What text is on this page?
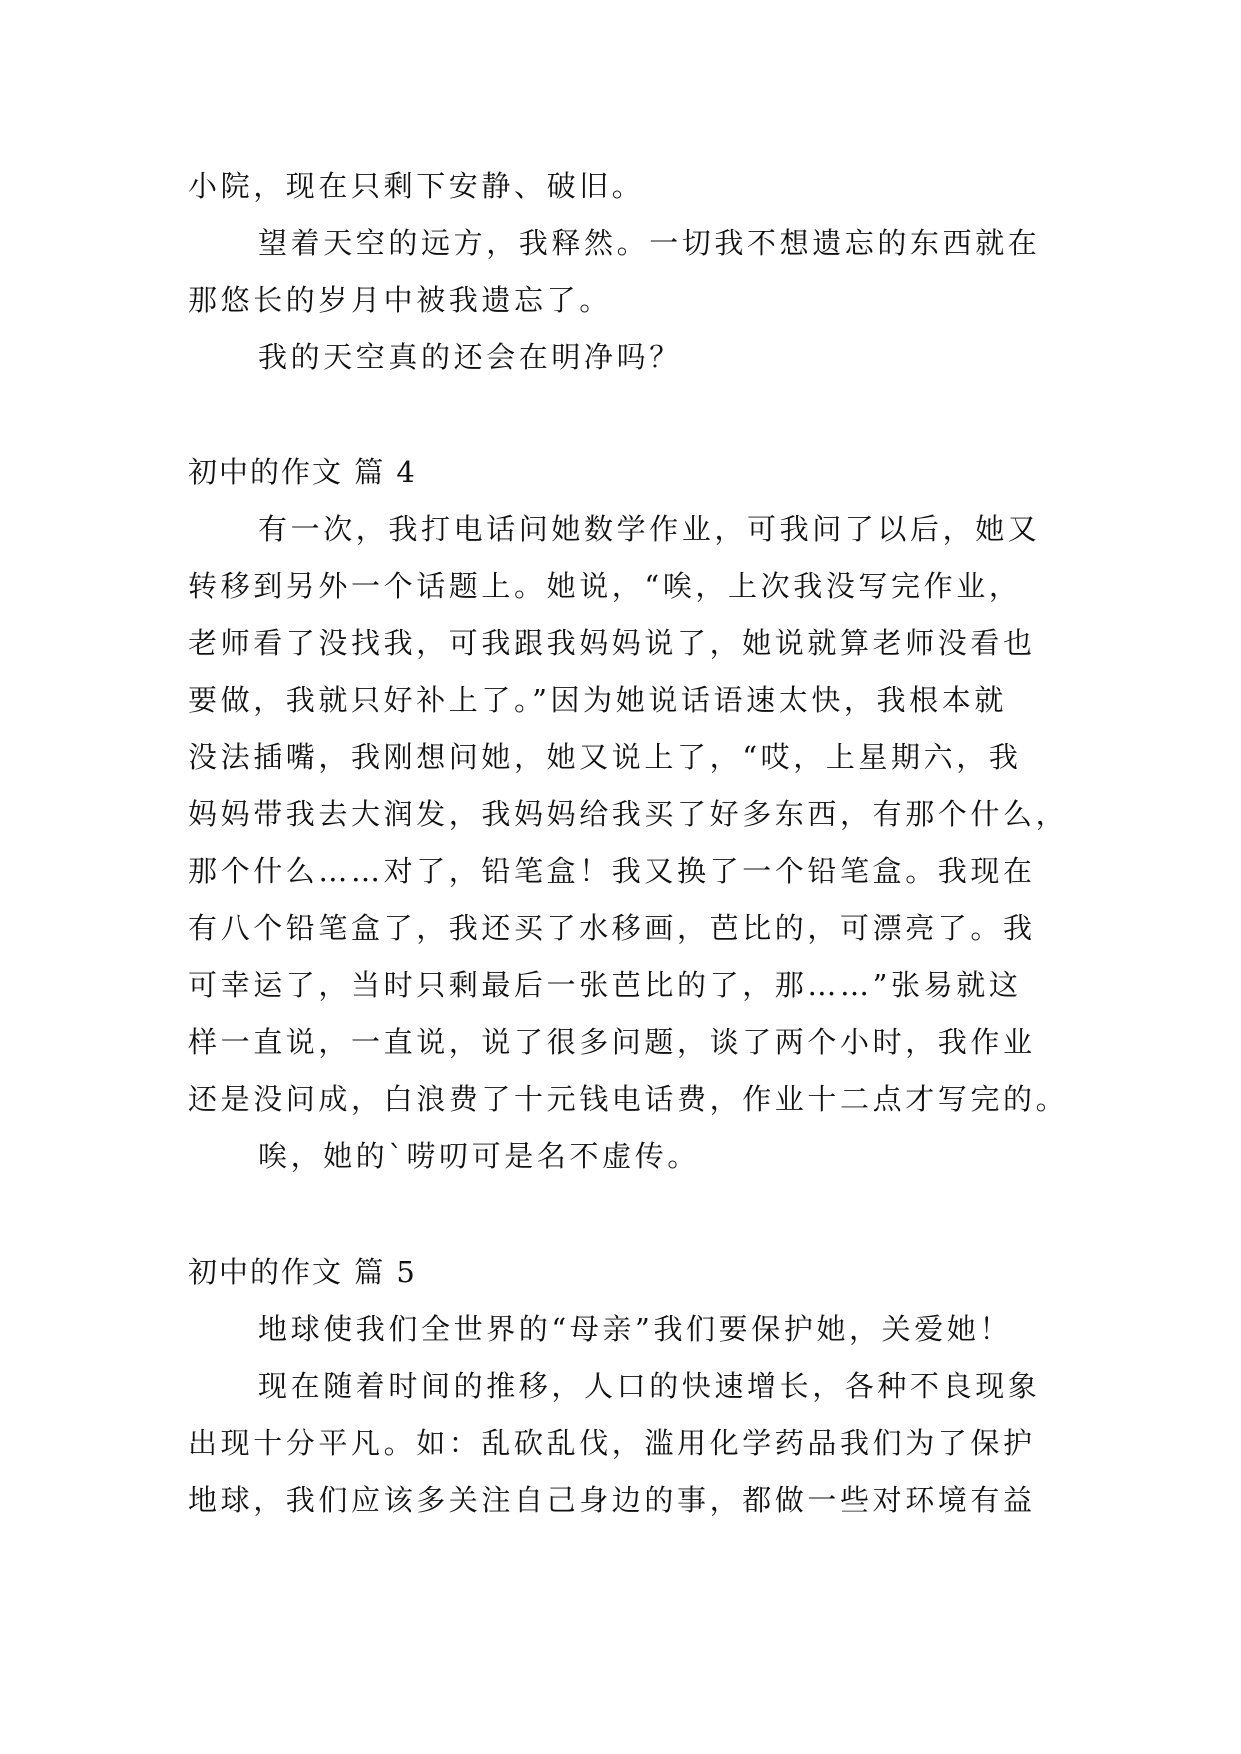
小院，现在只剩下安静、破旧。
望着天空的远方，我释然。一切我不想遗忘的东西就在
那悠长的岁月中被我遗忘了。
我的天空真的还会在明净吗？
初中的作文 篇 4
有一次，我打电话问她数学作业，可我问了以后，她又
转移到另外一个话题上。她说，“唉，上次我没写完作业，
老师看了没找我，可我跟我妈妈说了，她说就算老师没看也
要做，我就只好补上了。”因为她说话语速太快，我根本就
没法插嘴，我刚想问她，她又说上了，“哎，上星期六，我
妈妈带我去大润发，我妈妈给我买了好多东西，有那个什么，
那个什么……对了，铅笔盒！我又换了一个铅笔盒。我现在
有八个铅笔盒了，我还买了水移画，芭比的，可漂亮了。我
可幸运了，当时只剩最后一张芭比的了，那……”张易就这
样一直说，一直说，说了很多问题，谈了两个小时，我作业
还是没问成，白浪费了十元钱电话费，作业十二点才写完的。
唉，她的`唠叨可是名不虚传。
初中的作文 篇 5
地球使我们全世界的“母亲”我们要保护她，关爱她！
现在随着时间的推移，人口的快速增长，各种不良现象
出现十分平凡。如：乱砍乱伐，滥用化学药品我们为了保护
地球，我们应该多关注自己身边的事，都做一些对环境有益
